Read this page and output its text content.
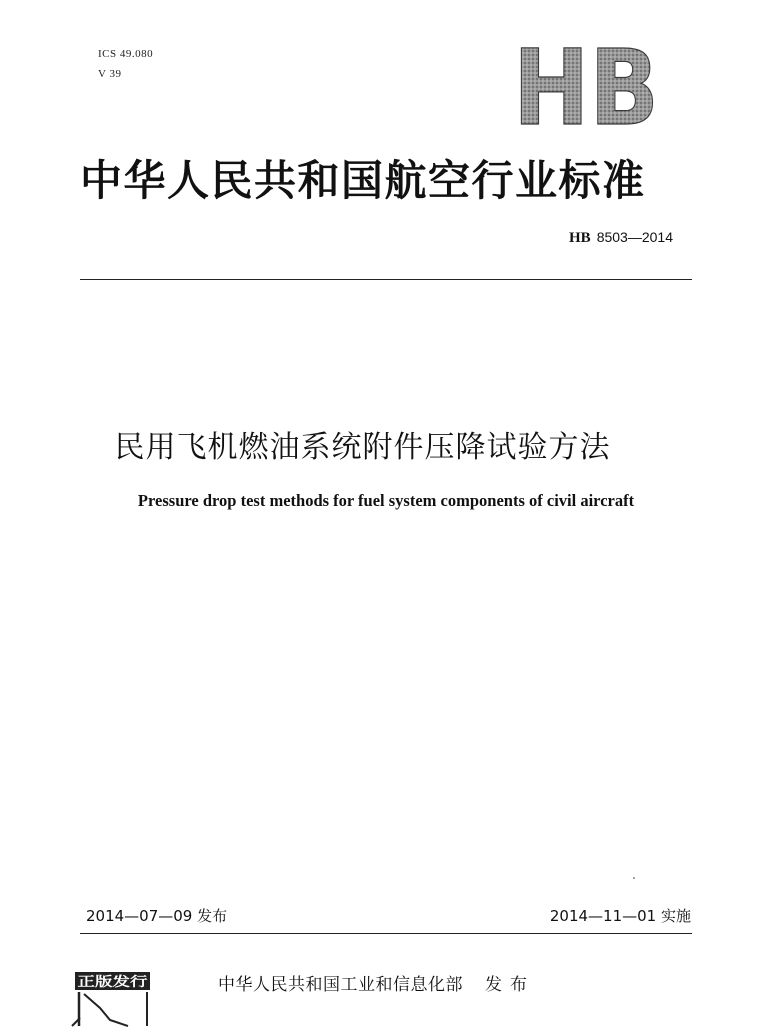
ICS 49.080
V 39	HB
中华人民共和国航空行业标准
HB 8503—2014
民用飞机燃油系统附件压降试验方法
Pressure drop test methods for fuel system components of civil aircraft
2014—07—09 发布	2014—11—01 实施
正版发行	中华人民共和国工业和信息化部 发布
